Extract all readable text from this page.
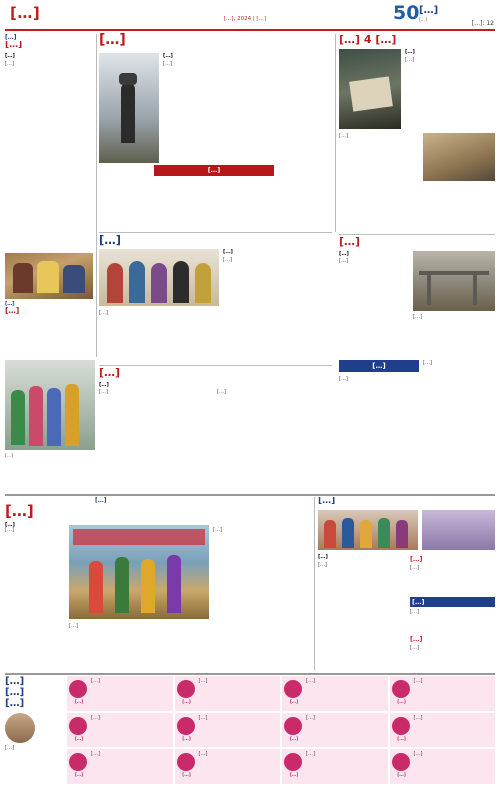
[…]	[…], 2024 | […]	50 […]
[…]	[…]: 12
[…]
[…]
[…]
[…]
[…]
[…]
[…]
[…]
[…]
[…]
[…] 4 […]
[…]
[…]
[…]
[…]
[…]
[…]
[…]
[…]
[…]
[…]
[…]
[…]
[…]
[…]
[…]
[…]
[…]	[…]
[…]
[…]
[…]
[…]
[…]	[…]
[…]
[…]
[…]
[…]
[…]
[…]
[…]
[…]
[…]
[…]
[…]
[…]
[…]
[…]
[…]
[…]
[…]
[…]
[…]
[…]
[…]
[…]
[…]
[…]
[…]
[…]
[…]
[…]
[…]
[…]
[…]
[…]
[…]
[…]
[…]
[…]
[…]
[…]
